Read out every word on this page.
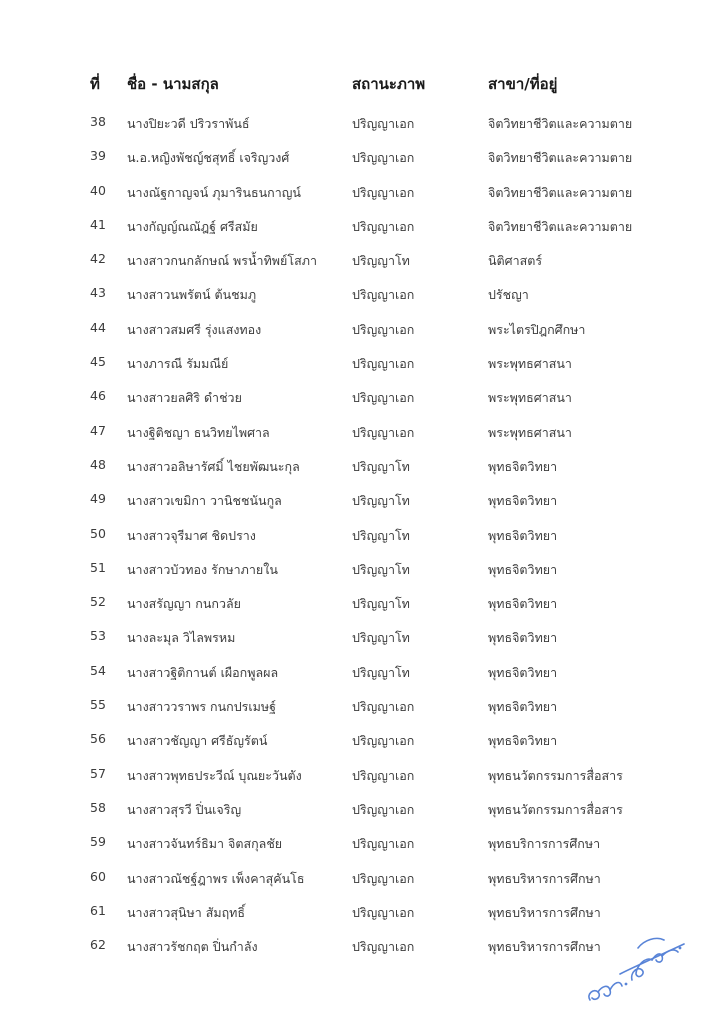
ที่	ชื่อ - นามสกุล	สถานะภาพ	สาขา/ที่อยู่
38	นางปิยะวดี ปริวราพันธ์	ปริญญาเอก	จิตวิทยาชีวิตและความตาย
39	น.อ.หญิงพัชญ์ชสุทธิ์ เจริญวงศ์	ปริญญาเอก	จิตวิทยาชีวิตและความตาย
40	นางณัฐกาญจน์ ภุมารินธนกาญน์	ปริญญาเอก	จิตวิทยาชีวิตและความตาย
41	นางกัญญ์ณณัฎฐ์ ศรีสมัย	ปริญญาเอก	จิตวิทยาชีวิตและความตาย
42	นางสาวกนกลักษณ์ พรน้ำทิพย์โสภา	ปริญญาโท	นิติศาสตร์
43	นางสาวนพรัตน์ ต้นชมภู	ปริญญาเอก	ปรัชญา
44	นางสาวสมศรี รุ่งแสงทอง	ปริญญาเอก	พระไตรปิฎกศึกษา
45	นางภารณี รัมมณีย์	ปริญญาเอก	พระพุทธศาสนา
46	นางสาวยลศิริ ดำช่วย	ปริญญาเอก	พระพุทธศาสนา
47	นางฐิติชญา ธนวิทยไพศาล	ปริญญาเอก	พระพุทธศาสนา
48	นางสาวอลิษารัศมิ์ ไชยพัฒนะกุล	ปริญญาโท	พุทธจิตวิทยา
49	นางสาวเขมิกา วานิชชนันกูล	ปริญญาโท	พุทธจิตวิทยา
50	นางสาวจุรีมาศ ชิดปราง	ปริญญาโท	พุทธจิตวิทยา
51	นางสาวบัวทอง รักษาภายใน	ปริญญาโท	พุทธจิตวิทยา
52	นางสรัญญา กนกวลัย	ปริญญาโท	พุทธจิตวิทยา
53	นางละมุล วิไลพรหม	ปริญญาโท	พุทธจิตวิทยา
54	นางสาวฐิติกานต์ เผือกพูลผล	ปริญญาโท	พุทธจิตวิทยา
55	นางสาววราพร กนกปรเมษฐ์	ปริญญาเอก	พุทธจิตวิทยา
56	นางสาวชัญญา ศรีธัญรัตน์	ปริญญาเอก	พุทธจิตวิทยา
57	นางสาวพุทธประวีณ์ บุณยะวันตัง	ปริญญาเอก	พุทธนวัตกรรมการสื่อสาร
58	นางสาวสุรวี ปิ่นเจริญ	ปริญญาเอก	พุทธนวัตกรรมการสื่อสาร
59	นางสาวจันทร์ธิมา จิตสกุลชัย	ปริญญาเอก	พุทธบริการการศึกษา
60	นางสาวณัชฐ์ฎาพร เพ็งคาสุคันโธ	ปริญญาเอก	พุทธบริหารการศึกษา
61	นางสาวสุนิษา สัมฤทธิ์	ปริญญาเอก	พุทธบริหารการศึกษา
62	นางสาวรัชกฤต ปิ่นกำลัง	ปริญญาเอก	พุทธบริหารการศึกษา
